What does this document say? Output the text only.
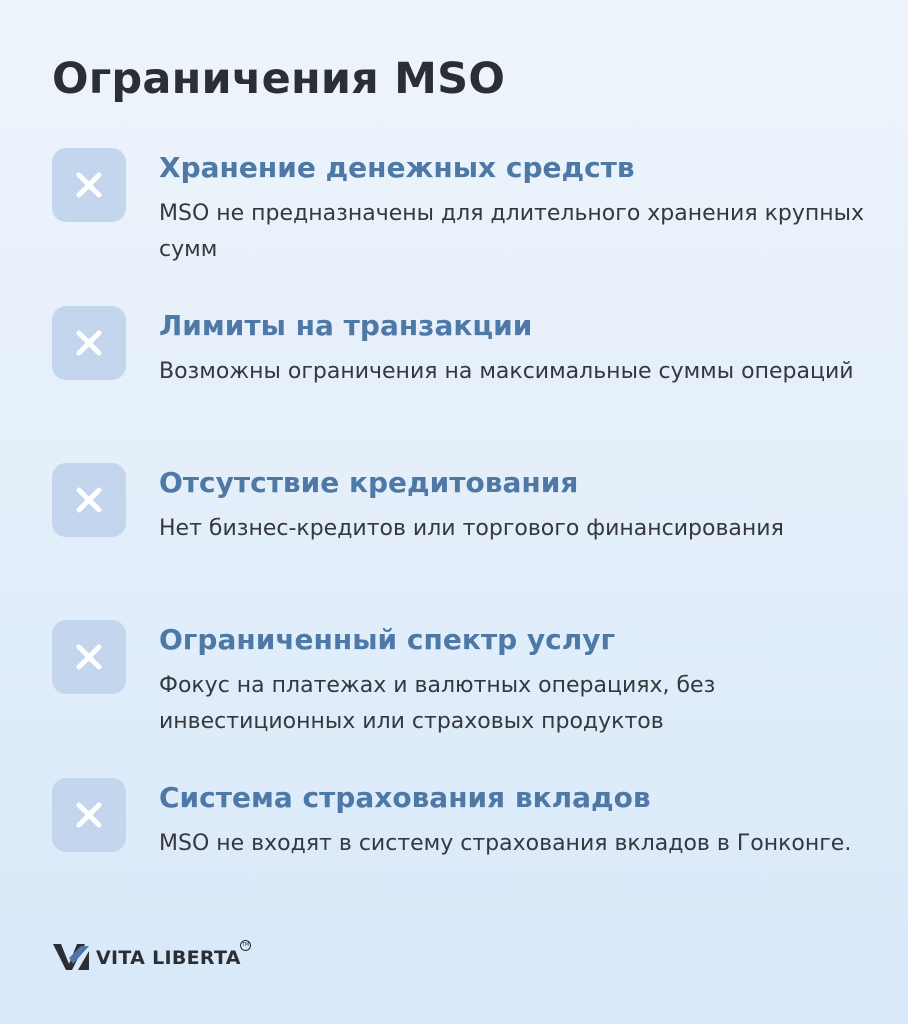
Ограничения MSO
Хранение денежных средств

MSO не предназначены для длительного хранения крупных сумм

Лимиты на транзакции

Возможны ограничения на максимальные суммы операций

Отсутствие кредитования

Нет бизнес-кредитов или торгового финансирования

Ограниченный спектр услуг

Фокус на платежах и валютных операциях, без инвестиционных или страховых продуктов

Система страхования вкладов

MSO не входят в систему страхования вкладов в Гонконге.

VITA LIBERTA
TM
